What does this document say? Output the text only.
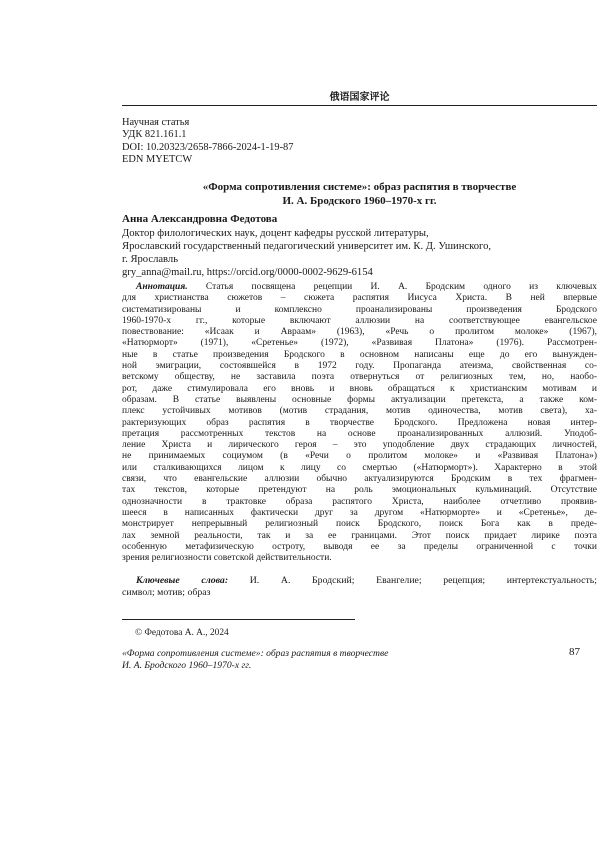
俄语国家评论
Научная статья
УДК 821.161.1
DOI: 10.20323/2658-7866-2024-1-19-87
EDN MYETCW
«Форма сопротивления системе»: образ распятия в творчестве
И. А. Бродского 1960–1970-х гг.
Анна Александровна Федотова
Доктор филологических наук, доцент кафедры русской литературы,
Ярославский государственный педагогический университет им. К. Д. Ушинского,
г. Ярославль
gry_anna@mail.ru, https://orcid.org/0000-0002-9629-6154
Аннотация. Статья посвящена рецепции И. А. Бродским одного из ключевых
для христианства сюжетов – сюжета распятия Иисуса Христа. В ней впервые
систематизированы и комплексно проанализированы произведения Бродского
1960-1970-х гг., которые включают аллюзии на соответствующее евангельское
повествование: «Исаак и Авраам» (1963), «Речь о пролитом молоке» (1967),
«Натюрморт» (1971), «Сретенье» (1972), «Развивая Платона» (1976). Рассмотрен-
ные в статье произведения Бродского в основном написаны еще до его вынужден-
ной эмиграции, состоявшейся в 1972 году. Пропаганда атеизма, свойственная со-
ветскому обществу, не заставила поэта отвернуться от религиозных тем, но, наобо-
рот, даже стимулировала его вновь и вновь обращаться к христианским мотивам и
образам. В статье выявлены основные формы актуализации претекста, а также ком-
плекс устойчивых мотивов (мотив страдания, мотив одиночества, мотив света), ха-
рактеризующих образ распятия в творчестве Бродского. Предложена новая интер-
претация рассмотренных текстов на основе проанализированных аллюзий. Уподоб-
ление Христа и лирического героя – это уподобление двух страдающих личностей,
не принимаемых социумом (в «Речи о пролитом молоке» и «Развивая Платона»)
или сталкивающихся лицом к лицу со смертью («Натюрморт»). Характерно в этой
связи, что евангельские аллюзии обычно актуализируются Бродским в тех фрагмен-
тах текстов, которые претендуют на роль эмоциональных кульминаций. Отсутствие
однозначности в трактовке образа распятого Христа, наиболее отчетливо проявив-
шееся в написанных фактически друг за другом «Натюрморте» и «Сретенье», де-
монстрирует непрерывный религиозный поиск Бродского, поиск Бога как в преде-
лах земной реальности, так и за ее границами. Этот поиск придает лирике поэта
особенную метафизическую остроту, выводя ее за пределы ограниченной с точки
зрения религиозности советской действительности.
Ключевые слова: И. А. Бродский; Евангелие; рецепция; интертекстуальность;
символ; мотив; образ
© Федотова А. А., 2024
«Форма сопротивления системе»: образ распятия в творчестве
И. А. Бродского 1960–1970-х гг.
87
